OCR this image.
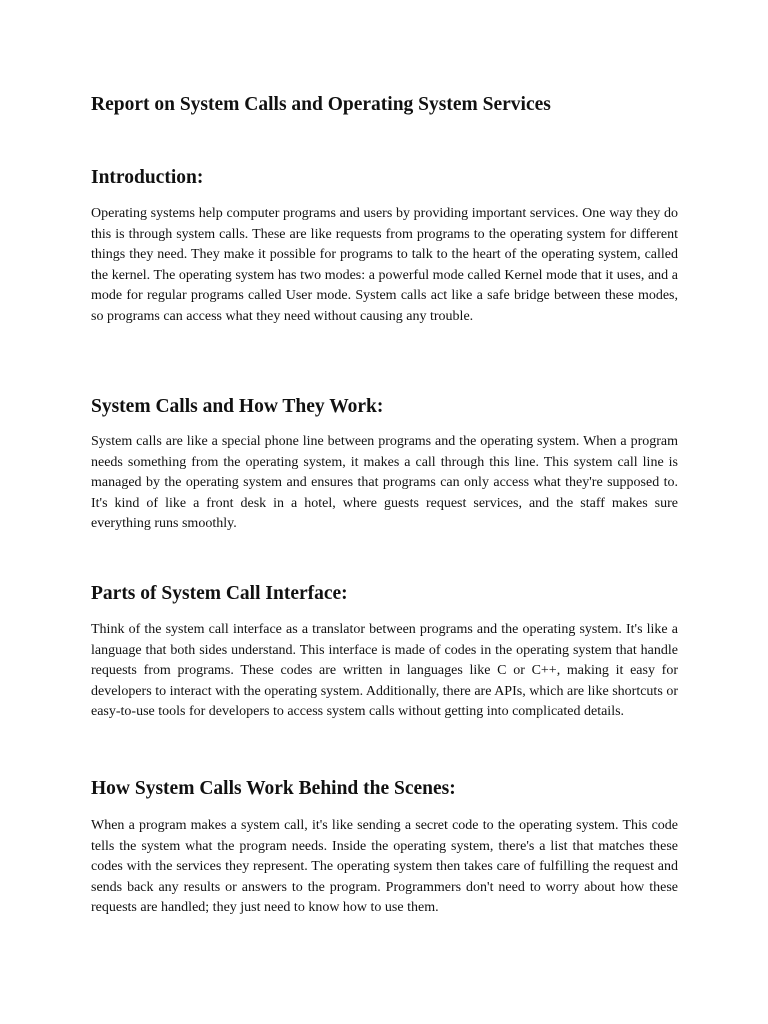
Report on System Calls and Operating System Services
Introduction:

Operating systems help computer programs and users by providing important services. One way they do this is through system calls. These are like requests from programs to the operating system for different things they need. They make it possible for programs to talk to the heart of the operating system, called the kernel. The operating system has two modes: a powerful mode called Kernel mode that it uses, and a mode for regular programs called User mode. System calls act like a safe bridge between these modes, so programs can access what they need without causing any trouble.

System Calls and How They Work:

System calls are like a special phone line between programs and the operating system. When a program needs something from the operating system, it makes a call through this line. This system call line is managed by the operating system and ensures that programs can only access what they're supposed to. It's kind of like a front desk in a hotel, where guests request services, and the staff makes sure everything runs smoothly.

Parts of System Call Interface:

Think of the system call interface as a translator between programs and the operating system. It's like a language that both sides understand. This interface is made of codes in the operating system that handle requests from programs. These codes are written in languages like C or C++, making it easy for developers to interact with the operating system. Additionally, there are APIs, which are like shortcuts or easy-to-use tools for developers to access system calls without getting into complicated details.

How System Calls Work Behind the Scenes:

When a program makes a system call, it's like sending a secret code to the operating system. This code tells the system what the program needs. Inside the operating system, there's a list that matches these codes with the services they represent. The operating system then takes care of fulfilling the request and sends back any results or answers to the program. Programmers don't need to worry about how these requests are handled; they just need to know how to use them.
